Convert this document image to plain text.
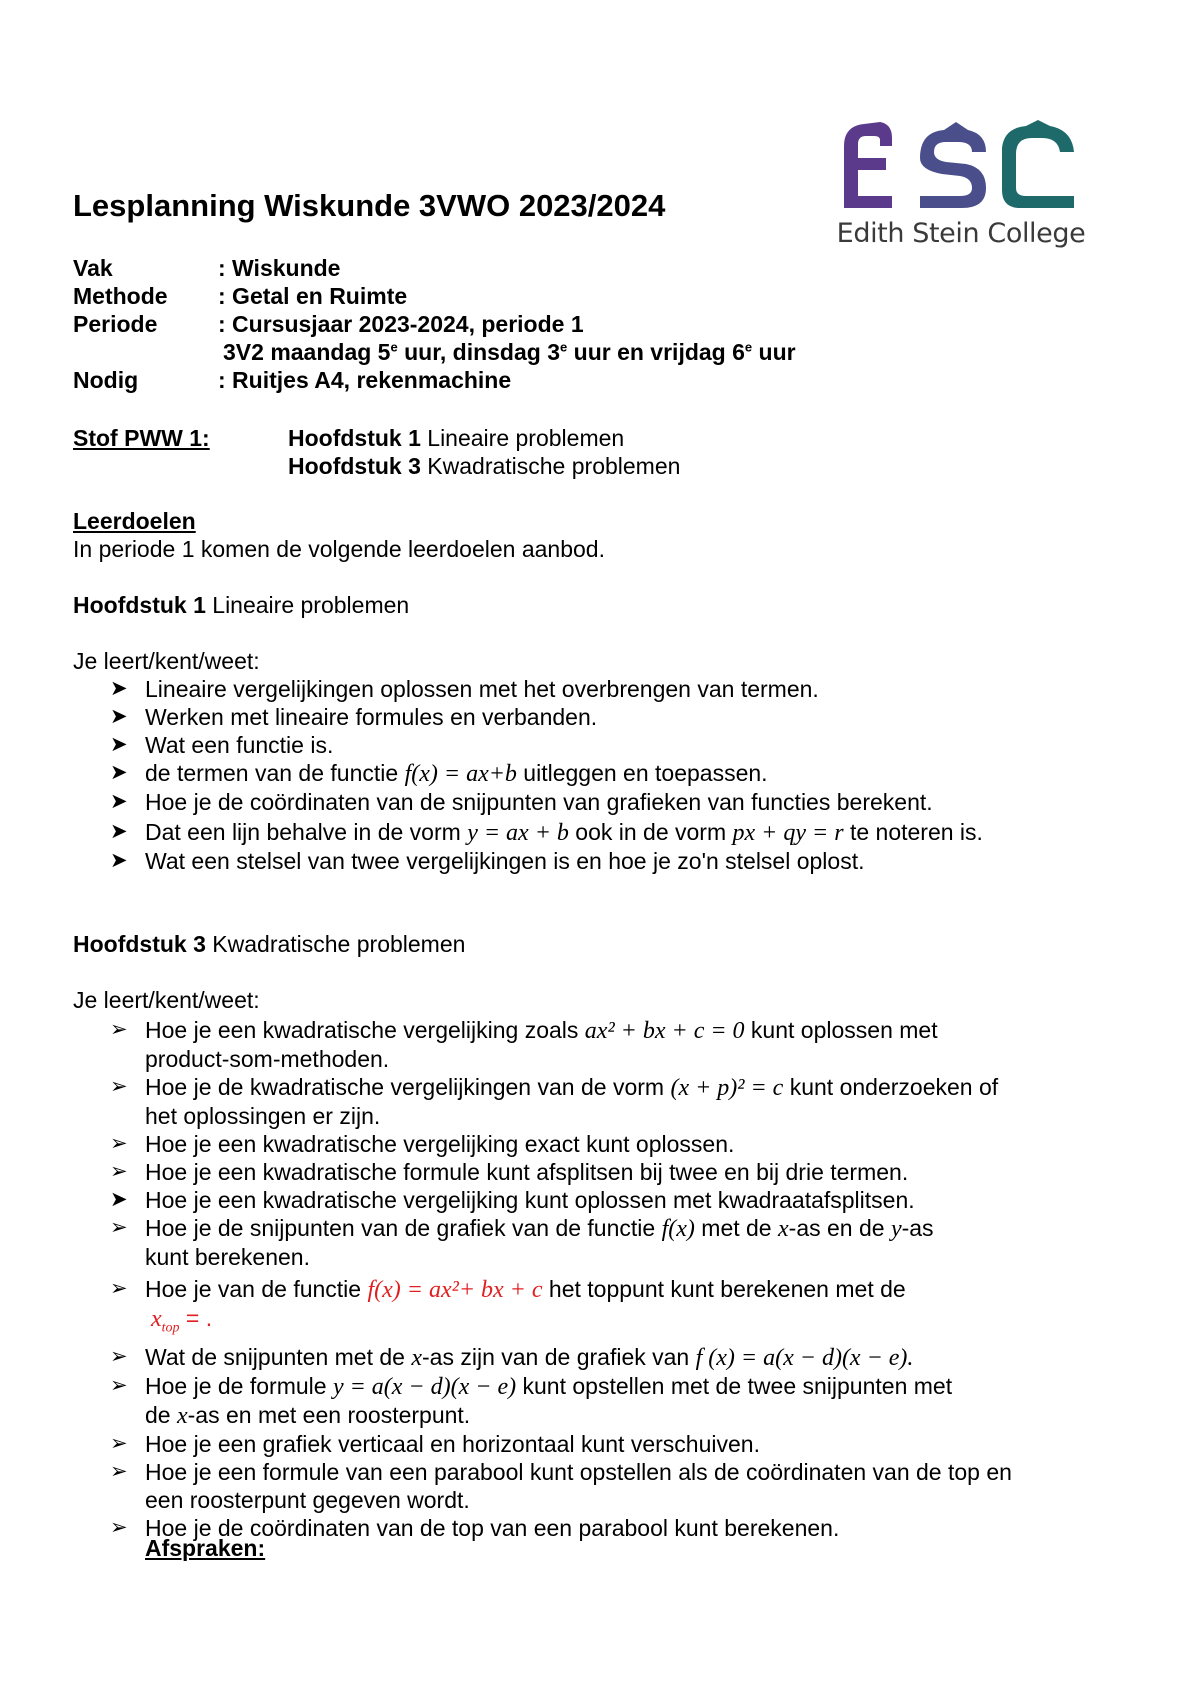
Edith Stein College
Lesplanning Wiskunde 3VWO 2023/2024
Vak	: Wiskunde
Methode : Getal en Ruimte
Periode	: Cursusjaar 2023-2024, periode 1
3V2 maandag 5e uur, dinsdag 3e uur en vrijdag 6e uur
Nodig	: Ruitjes A4, rekenmachine
Stof PWW 1:	Hoofdstuk 1 Lineaire problemen
Hoofdstuk 3 Kwadratische problemen
Leerdoelen
In periode 1 komen de volgende leerdoelen aanbod.
Hoofdstuk 1 Lineaire problemen
Je leert/kent/weet:
➤ Lineaire vergelijkingen oplossen met het overbrengen van termen.
➤ Werken met lineaire formules en verbanden.
➤ Wat een functie is.
➤ de termen van de functie f(x) = ax+b uitleggen en toepassen.
➤ Hoe je de coördinaten van de snijpunten van grafieken van functies berekent.
➤ Dat een lijn behalve in de vorm y = ax + b ook in de vorm px + qy = r te noteren is.
➤ Wat een stelsel van twee vergelijkingen is en hoe je zo'n stelsel oplost.
Hoofdstuk 3 Kwadratische problemen
Je leert/kent/weet:
➢ Hoe je een kwadratische vergelijking zoals ax² + bx + c = 0 kunt oplossen met
product-som-methoden.
➢ Hoe je de kwadratische vergelijkingen van de vorm (x + p)² = c kunt onderzoeken of
het oplossingen er zijn.
➢ Hoe je een kwadratische vergelijking exact kunt oplossen.
➢ Hoe je een kwadratische formule kunt afsplitsen bij twee en bij drie termen.
➤ Hoe je een kwadratische vergelijking kunt oplossen met kwadraatafsplitsen.
➢ Hoe je de snijpunten van de grafiek van de functie f(x) met de x-as en de y-as
kunt berekenen.
➢ Hoe je van de functie f(x) = ax²+ bx + c het toppunt kunt berekenen met de
$x_{top}$ = .
➢ Wat de snijpunten met de x-as zijn van de grafiek van f (x) = a(x − d)(x − e).
➢ Hoe je de formule y = a(x − d)(x − e) kunt opstellen met de twee snijpunten met
de x-as en met een roosterpunt.
➢ Hoe je een grafiek verticaal en horizontaal kunt verschuiven.
➢ Hoe je een formule van een parabool kunt opstellen als de coördinaten van de top en
een roosterpunt gegeven wordt.
➢ Hoe je de coördinaten van de top van een parabool kunt berekenen.
Afspraken:
